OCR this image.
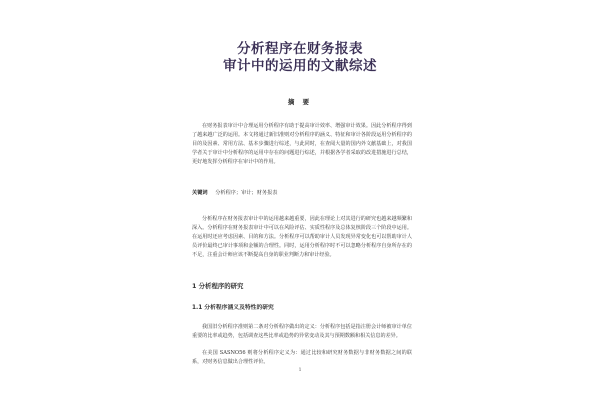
分析程序在财务报表
审计中的运用的文献综述
摘 要

在财务报表审计中合理运用分析程序有助于提高审计效率、增强审计效果。因此分析程序得到了越来越广泛的运用。本文将通过新旧准则对分析程序的涵义、特征和审计各阶段运用分析程序的目的及因素、常用方法、基本步骤进行综述，与此同时，在查阅大量的国内外文献基础上，对我国学者关于审计中分析程序的运用中存在的问题进行综述，并根据各学者采取的改进措施进行总结，更好地发挥分析程序在审计中的作用。

关键词 分析程序；审计；财务报表

分析程序在财务报表审计中的运用越来越重要，因此在理论上对其进行的研究也越来越频繁和深入。分析程序在财务报表审计中可以在风险评估、实质性程序及总体复核阶段三个阶段中运用。在运用时还应考虑因素、目的和方法。分析程序可以帮助审计人员发现异常变化也可以帮助审计人员评价最终已审计事项和金额的合理性。同时，运用分析程序时不可以忽略分析程序自身所存在的不足，注重会计师应该不断提高自身的职业判断力和审计经验。

1 分析程序的研究
1.1 分析程序涵义及特性的研究

我国旧分析程序准则第二条对分析程序做出的定义：分析程序包括是指注册会计师被审计单位重要的比率或趋势，包括调查这些比率或趋势的异常变动及其与预期数额和相关信息的差异。

在美国 SASNO56 则将分析程序定义为：通过比较和研究财务数据与非财务数据之间的联系，对财务信息做出合理性评价。

1
